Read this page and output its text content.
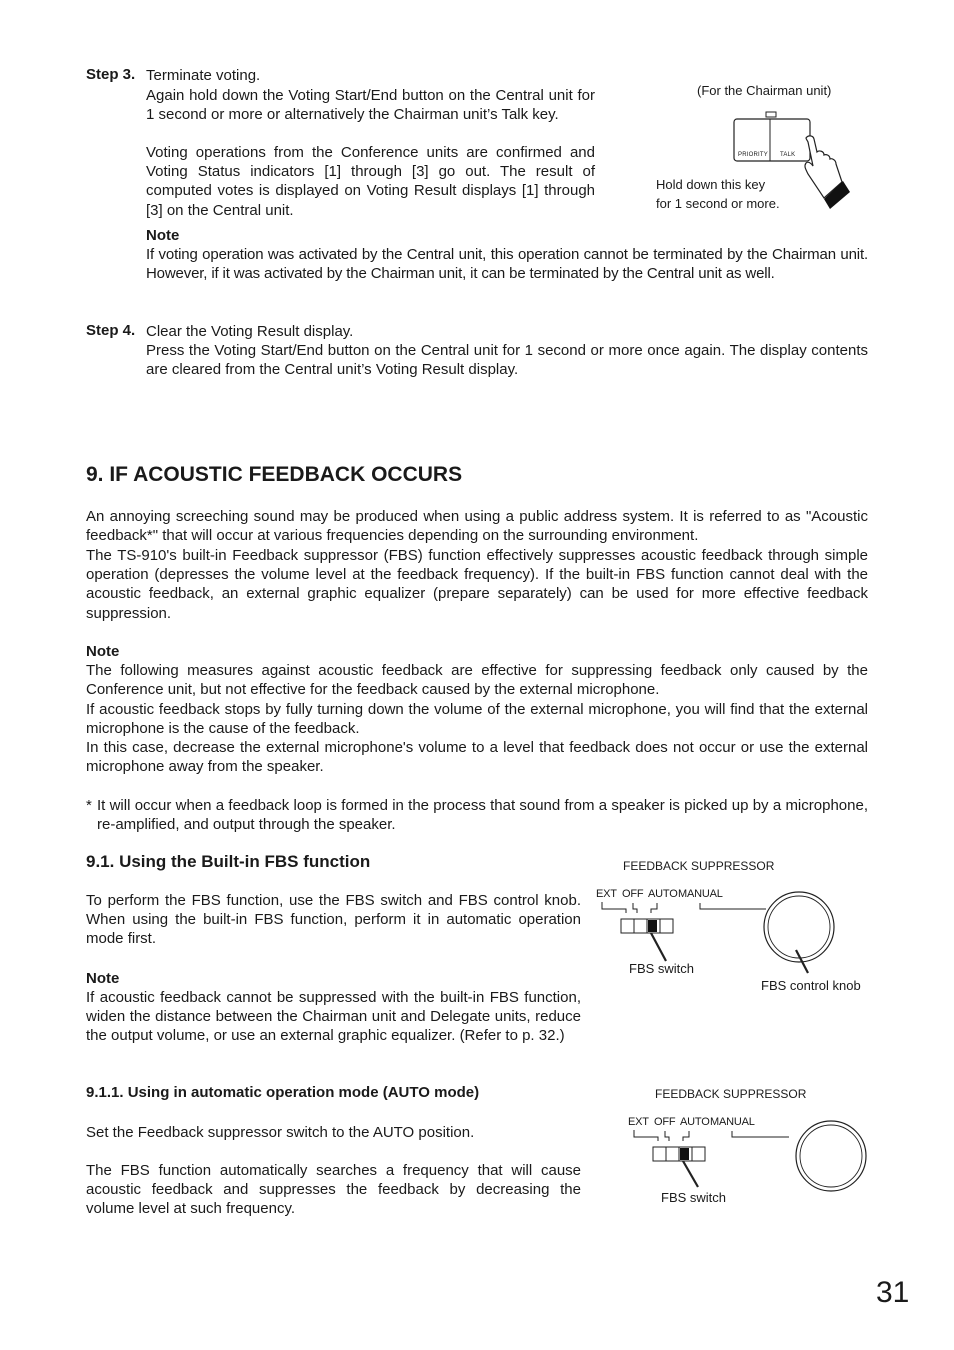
Step 3. Terminate voting.

Again hold down the Voting Start/End button on the Central unit for 1 second or more or alternatively the Chairman unit’s Talk key.

Voting operations from the Conference units are confirmed and Voting Status indicators [1] through [3] go out. The result of computed votes is displayed on Voting Result displays [1] through [3] on the Central unit.

Note

If voting operation was activated by the Central unit, this operation cannot be terminated by the Chairman unit. However, if it was activated by the Chairman unit, it can be terminated by the Central unit as well.

(For the Chairman unit)
PRIORITY TALK
Hold down this key
for 1 second or more.
Step 4. Clear the Voting Result display.

Press the Voting Start/End button on the Central unit for 1 second or more once again. The display contents are cleared from the Central unit’s Voting Result display.

9. IF ACOUSTIC FEEDBACK OCCURS

An annoying screeching sound may be produced when using a public address system. It is referred to as "Acoustic feedback*" that will occur at various frequencies depending on the surrounding environment.

The TS-910's built-in Feedback suppressor (FBS) function effectively suppresses acoustic feedback through simple operation (depresses the volume level at the feedback frequency). If the built-in FBS function cannot deal with the acoustic feedback, an external graphic equalizer (prepare separately) can be used for more effective feedback suppression.

Note

The following measures against acoustic feedback are effective for suppressing feedback only caused by the Conference unit, but not effective for the feedback caused by the external microphone.

If acoustic feedback stops by fully turning down the volume of the external microphone, you will find that the external microphone is the cause of the feedback.

In this case, decrease the external microphone's volume to a level that feedback does not occur or use the external microphone away from the speaker.

* It will occur when a feedback loop is formed in the process that sound from a speaker is picked up by a microphone, re-amplified, and output through the speaker.

9.1. Using the Built-in FBS function

To perform the FBS function, use the FBS switch and FBS control knob. When using the built-in FBS function, perform it in automatic operation mode first.

Note

If acoustic feedback cannot be suppressed with the built-in FBS function, widen the distance between the Chairman unit and Delegate units, reduce the output volume, or use an external graphic equalizer. (Refer to p. 32.)

FEEDBACK SUPPRESSOR
EXT OFF AUTO MANUAL
FBS switch
FBS control knob
9.1.1. Using in automatic operation mode (AUTO mode)

Set the Feedback suppressor switch to the AUTO position.

The FBS function automatically searches a frequency that will cause acoustic feedback and suppresses the feedback by decreasing the volume level at such frequency.

FEEDBACK SUPPRESSOR
EXT OFF AUTO MANUAL
FBS switch
31
